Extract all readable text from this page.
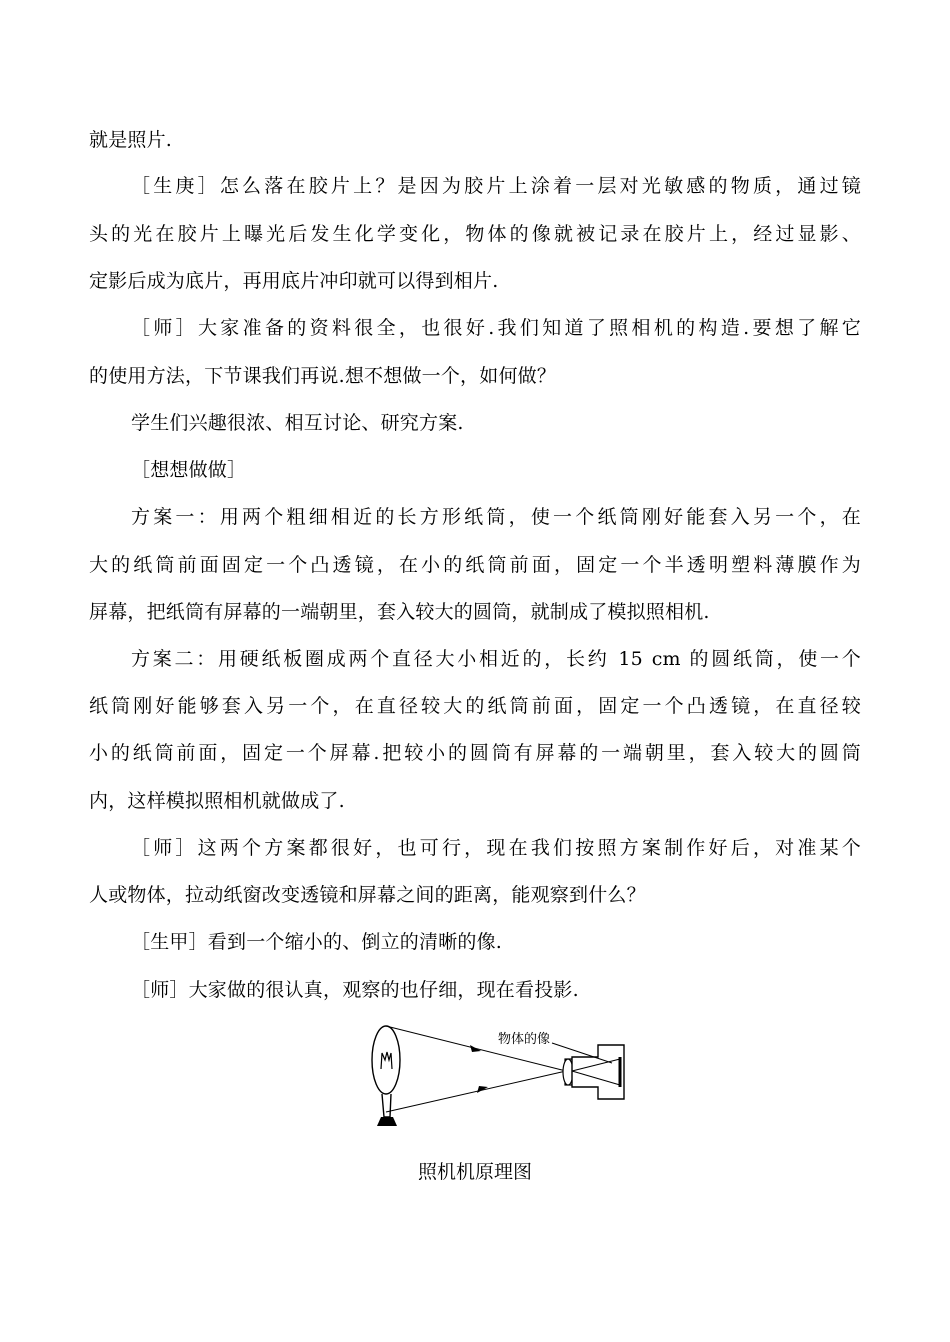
就是照片.
［生庚］怎么落在胶片上？是因为胶片上涂着一层对光敏感的物质，通过镜
头的光在胶片上曝光后发生化学变化，物体的像就被记录在胶片上，经过显影、
定影后成为底片，再用底片冲印就可以得到相片.
［师］大家准备的资料很全，也很好.我们知道了照相机的构造.要想了解它
的使用方法，下节课我们再说.想不想做一个，如何做？
学生们兴趣很浓、相互讨论、研究方案.
［想想做做］
方案一：用两个粗细相近的长方形纸筒，使一个纸筒刚好能套入另一个，在
大的纸筒前面固定一个凸透镜，在小的纸筒前面，固定一个半透明塑料薄膜作为
屏幕，把纸筒有屏幕的一端朝里，套入较大的圆筒，就制成了模拟照相机.
方案二：用硬纸板圈成两个直径大小相近的，长约 15 cm 的圆纸筒，使一个
纸筒刚好能够套入另一个，在直径较大的纸筒前面，固定一个凸透镜，在直径较
小的纸筒前面，固定一个屏幕.把较小的圆筒有屏幕的一端朝里，套入较大的圆筒
内，这样模拟照相机就做成了.
［师］这两个方案都很好，也可行，现在我们按照方案制作好后，对准某个
人或物体，拉动纸窗改变透镜和屏幕之间的距离，能观察到什么？
［生甲］看到一个缩小的、倒立的清晰的像.
［师］大家做的很认真，观察的也仔细，现在看投影.
物体的像
照机机原理图
